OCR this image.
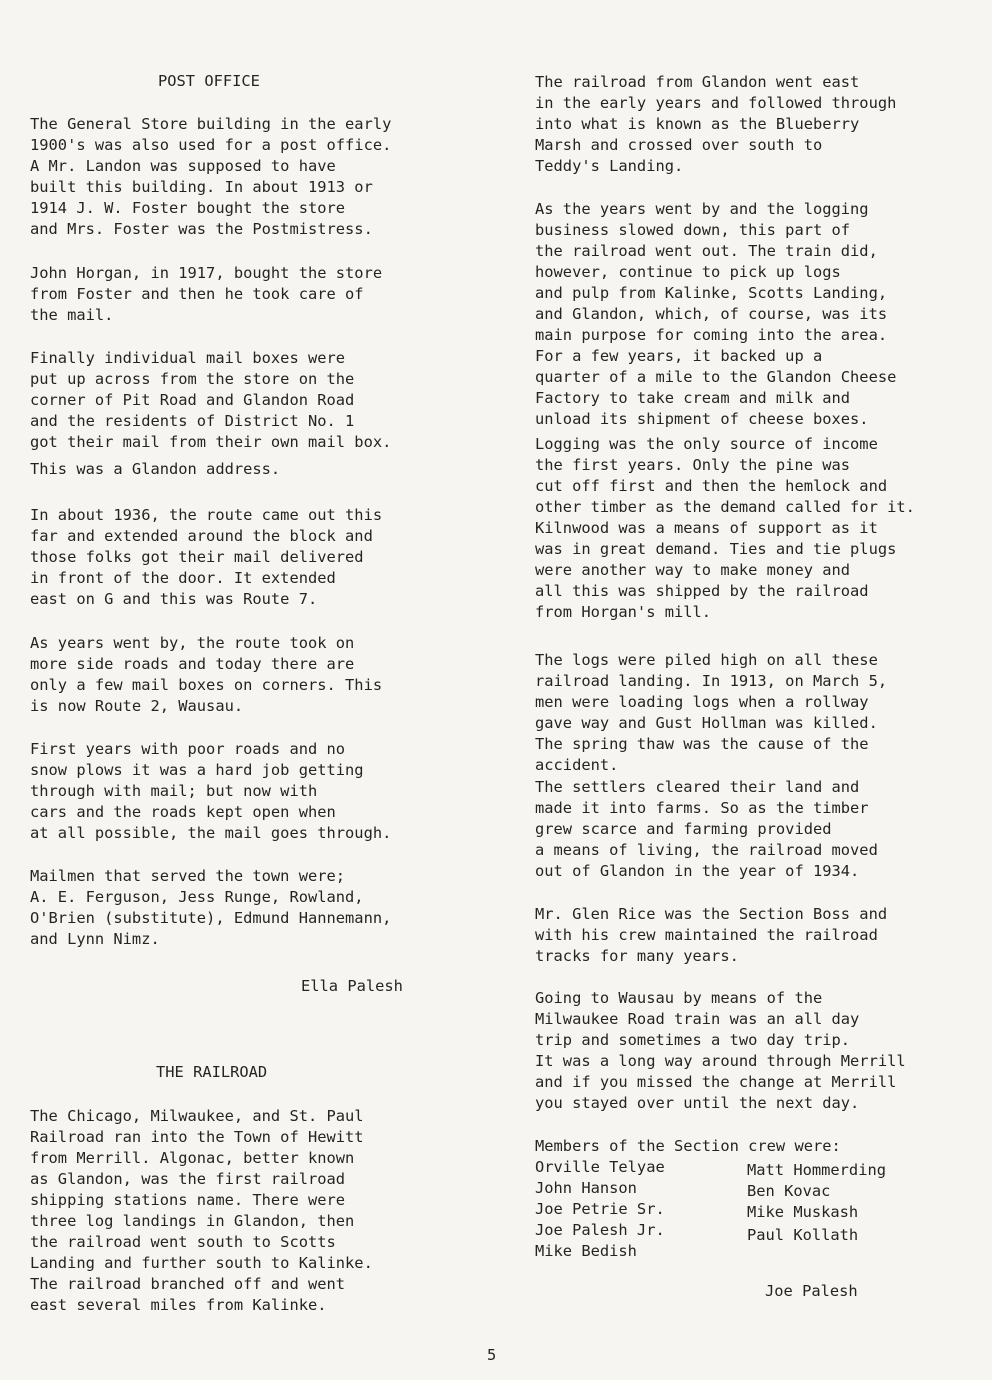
POST OFFICE
The General Store building in the early
1900's was also used for a post office.
A Mr. Landon was supposed to have
built this building. In about 1913 or
1914 J. W. Foster bought the store
and Mrs. Foster was the Postmistress.
John Horgan, in 1917, bought the store
from Foster and then he took care of
the mail.
Finally individual mail boxes were
put up across from the store on the
corner of Pit Road and Glandon Road
and the residents of District No. 1
got their mail from their own mail box.
This was a Glandon address.
In about 1936, the route came out this
far and extended around the block and
those folks got their mail delivered
in front of the door. It extended
east on G and this was Route 7.
As years went by, the route took on
more side roads and today there are
only a few mail boxes on corners. This
is now Route 2, Wausau.
First years with poor roads and no
snow plows it was a hard job getting
through with mail; but now with
cars and the roads kept open when
at all possible, the mail goes through.
Mailmen that served the town were;
A. E. Ferguson, Jess Runge, Rowland,
O'Brien (substitute), Edmund Hannemann,
and Lynn Nimz.
Ella Palesh
THE RAILROAD
The Chicago, Milwaukee, and St. Paul
Railroad ran into the Town of Hewitt
from Merrill. Algonac, better known
as Glandon, was the first railroad
shipping stations name. There were
three log landings in Glandon, then
the railroad went south to Scotts
Landing and further south to Kalinke.
The railroad branched off and went
east several miles from Kalinke.
The railroad from Glandon went east
in the early years and followed through
into what is known as the Blueberry
Marsh and crossed over south to
Teddy's Landing.
As the years went by and the logging
business slowed down, this part of
the railroad went out. The train did,
however, continue to pick up logs
and pulp from Kalinke, Scotts Landing,
and Glandon, which, of course, was its
main purpose for coming into the area.
For a few years, it backed up a
quarter of a mile to the Glandon Cheese
Factory to take cream and milk and
unload its shipment of cheese boxes.
Logging was the only source of income
the first years. Only the pine was
cut off first and then the hemlock and
other timber as the demand called for it.
Kilnwood was a means of support as it
was in great demand. Ties and tie plugs
were another way to make money and
all this was shipped by the railroad
from Horgan's mill.
The logs were piled high on all these
railroad landing. In 1913, on March 5,
men were loading logs when a rollway
gave way and Gust Hollman was killed.
The spring thaw was the cause of the
accident.
The settlers cleared their land and
made it into farms. So as the timber
grew scarce and farming provided
a means of living, the railroad moved
out of Glandon in the year of 1934.
Mr. Glen Rice was the Section Boss and
with his crew maintained the railroad
tracks for many years.
Going to Wausau by means of the
Milwaukee Road train was an all day
trip and sometimes a two day trip.
It was a long way around through Merrill
and if you missed the change at Merrill
you stayed over until the next day.
Members of the Section crew were:
Orville Telyae
John Hanson
Joe Petrie Sr.
Joe Palesh Jr.
Mike Bedish
Matt Hommerding
Ben Kovac
Mike Muskash
Paul Kollath
Joe Palesh
5
